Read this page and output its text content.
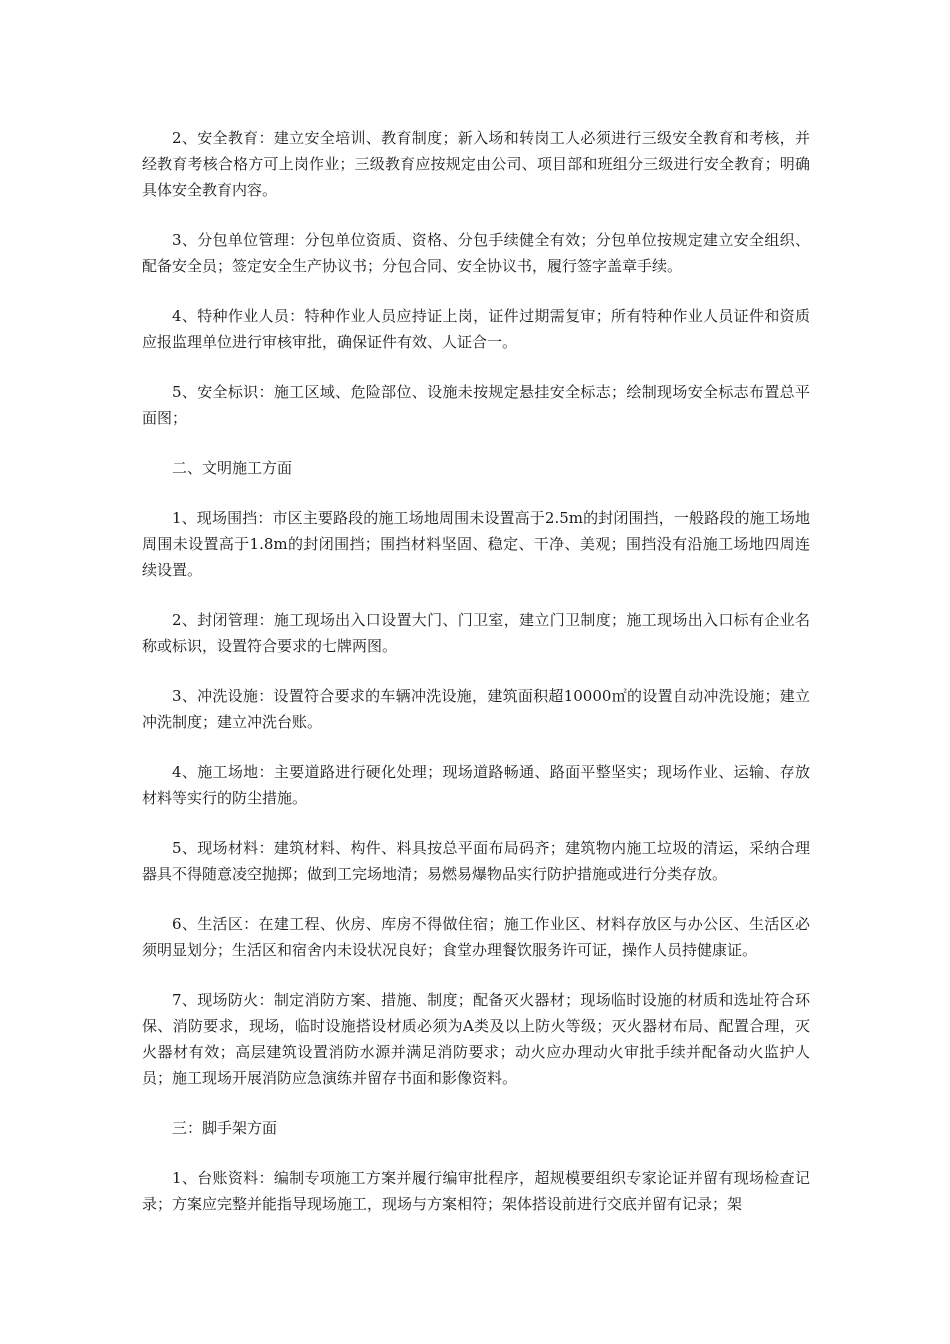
2、安全教育：建立安全培训、教育制度；新入场和转岗工人必须进行三级安全教育和考核，并经教育考核合格方可上岗作业；三级教育应按规定由公司、项目部和班组分三级进行安全教育；明确具体安全教育内容。

3、分包单位管理：分包单位资质、资格、分包手续健全有效；分包单位按规定建立安全组织、配备安全员；签定安全生产协议书；分包合同、安全协议书，履行签字盖章手续。

4、特种作业人员：特种作业人员应持证上岗，证件过期需复审；所有特种作业人员证件和资质应报监理单位进行审核审批，确保证件有效、人证合一。

5、安全标识：施工区域、危险部位、设施未按规定悬挂安全标志；绘制现场安全标志布置总平面图；

二、文明施工方面

1、现场围挡：市区主要路段的施工场地周围未设置高于2.5m的封闭围挡，一般路段的施工场地周围未设置高于1.8m的封闭围挡；围挡材料坚固、稳定、干净、美观；围挡没有沿施工场地四周连续设置。

2、封闭管理：施工现场出入口设置大门、门卫室，建立门卫制度；施工现场出入口标有企业名称或标识，设置符合要求的七牌两图。

3、冲洗设施：设置符合要求的车辆冲洗设施，建筑面积超10000㎡的设置自动冲洗设施；建立冲洗制度；建立冲洗台账。

4、施工场地：主要道路进行硬化处理；现场道路畅通、路面平整坚实；现场作业、运输、存放材料等实行的防尘措施。

5、现场材料：建筑材料、构件、料具按总平面布局码齐；建筑物内施工垃圾的清运，采纳合理器具不得随意凌空抛掷；做到工完场地清；易燃易爆物品实行防护措施或进行分类存放。

6、生活区：在建工程、伙房、库房不得做住宿；施工作业区、材料存放区与办公区、生活区必须明显划分；生活区和宿舍内未设状况良好；食堂办理餐饮服务许可证，操作人员持健康证。

7、现场防火：制定消防方案、措施、制度；配备灭火器材；现场临时设施的材质和选址符合环保、消防要求，现场，临时设施搭设材质必须为A类及以上防火等级；灭火器材布局、配置合理，灭火器材有效；高层建筑设置消防水源并满足消防要求；动火应办理动火审批手续并配备动火监护人员；施工现场开展消防应急演练并留存书面和影像资料。

三：脚手架方面

1、台账资料：编制专项施工方案并履行编审批程序，超规模要组织专家论证并留有现场检查记录；方案应完整并能指导现场施工，现场与方案相符；架体搭设前进行交底并留有记录；架
